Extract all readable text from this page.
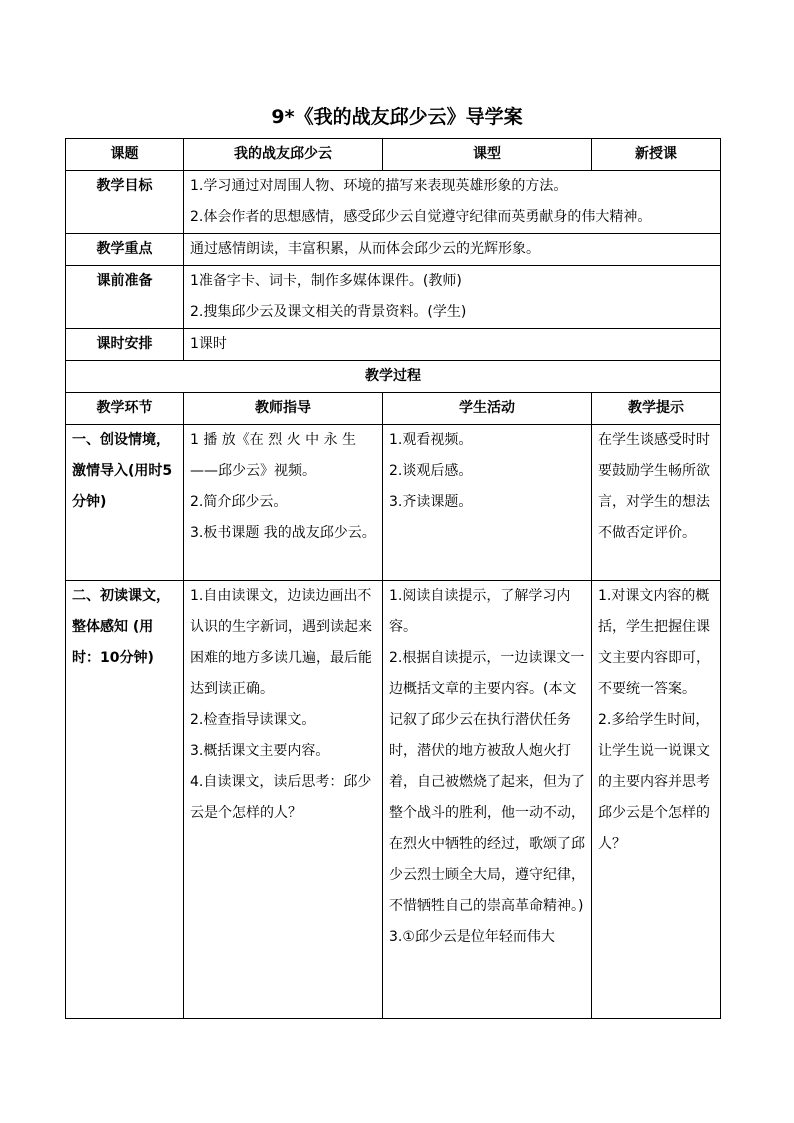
9*《我的战友邱少云》导学案
课题	我的战友邱少云	课型	新授课
教学目标	1.学习通过对周围人物、环境的描写来表现英雄形象的方法。
2.体会作者的思想感情，感受邱少云自觉遵守纪律而英勇献身的伟大精神。		

教学重点	通过感情朗读，丰富积累，从而体会邱少云的光辉形象。		
课前准备	1准备字卡、词卡，制作多媒体课件。(教师)
2.搜集邱少云及课文相关的背景资料。(学生)		

课时安排	1课时		
教学过程			
教学环节	教师指导	学生活动	教学提示
一、创设情境，激情导入(用时5分钟)	1 播 放《在 烈 火 中 永 生——邱少云》视频。
2.简介邱少云。
3.板书课题 我的战友邱少云。	1.观看视频。
2.谈观后感。
3.齐读课题。	在学生谈感受时时要鼓励学生畅所欲言，对学生的想法不做否定评价。

二、初读课文，整体感知 (用时：10分钟)	1.自由读课文，边读边画出不认识的生字新词，遇到读起来困难的地方多读几遍，最后能达到读正确。
2.检查指导读课文。
3.概括课文主要内容。
4.自读课文，读后思考：邱少云是个怎样的人？	1.阅读自读提示，了解学习内容。
2.根据自读提示，一边读课文一边概括文章的主要内容。(本文记叙了邱少云在执行潜伏任务时，潜伏的地方被敌人炮火打着，自己被燃烧了起来，但为了整个战斗的胜利，他一动不动，在烈火中牺牲的经过，歌颂了邱少云烈士顾全大局，遵守纪律，不惜牺牲自己的崇高革命精神。)
3.①邱少云是位年轻而伟大	1.对课文内容的概括，学生把握住课文主要内容即可，不要统一答案。
2.多给学生时间，让学生说一说课文的主要内容并思考邱少云是个怎样的人？
